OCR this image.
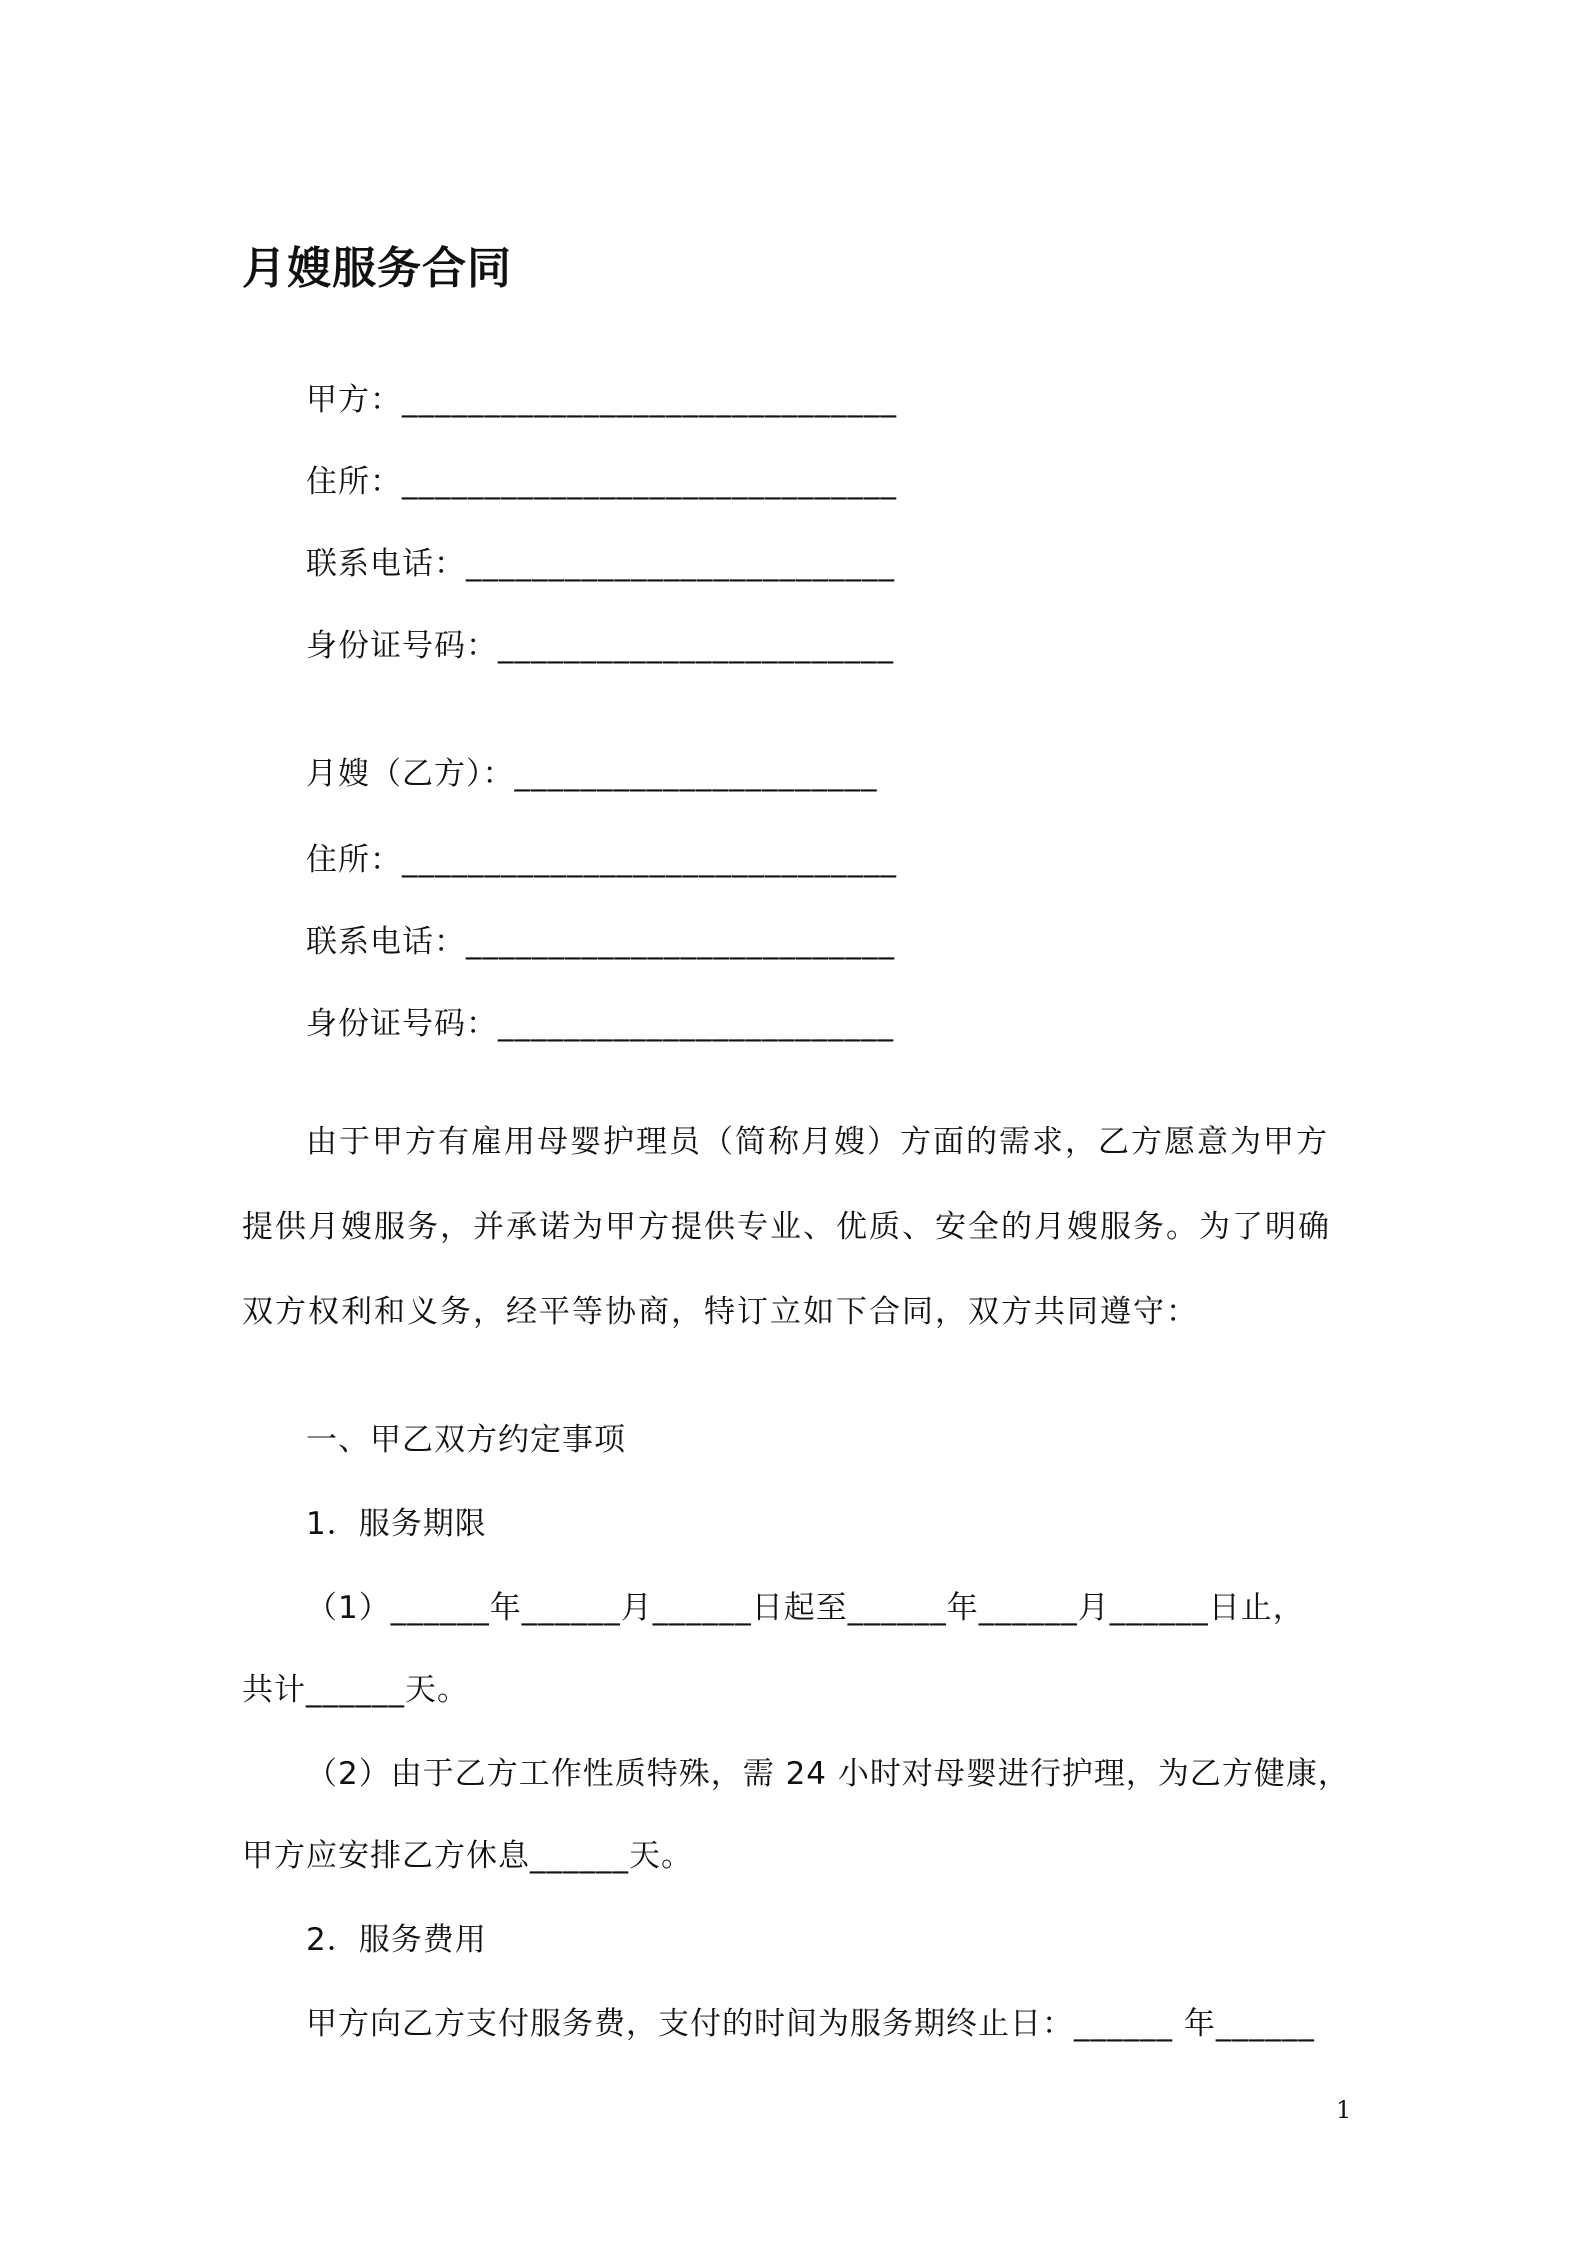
月嫂服务合同
甲方：______________________________
住所：______________________________
联系电话：__________________________
身份证号码：________________________
月嫂（乙方）：______________________
住所：______________________________
联系电话：__________________________
身份证号码：________________________
由于甲方有雇用母婴护理员（简称月嫂）方面的需求，乙方愿意为甲方提供月嫂服务，并承诺为甲方提供专业、优质、安全的月嫂服务。为了明确双方权利和义务，经平等协商，特订立如下合同，双方共同遵守：
一、甲乙双方约定事项
1．服务期限
（1）______年______月______日起至______年______月______日止，
共计______天。
（2）由于乙方工作性质特殊，需 24 小时对母婴进行护理，为乙方健康，
甲方应安排乙方休息______天。
2．服务费用
甲方向乙方支付服务费，支付的时间为服务期终止日：______ 年______
1
